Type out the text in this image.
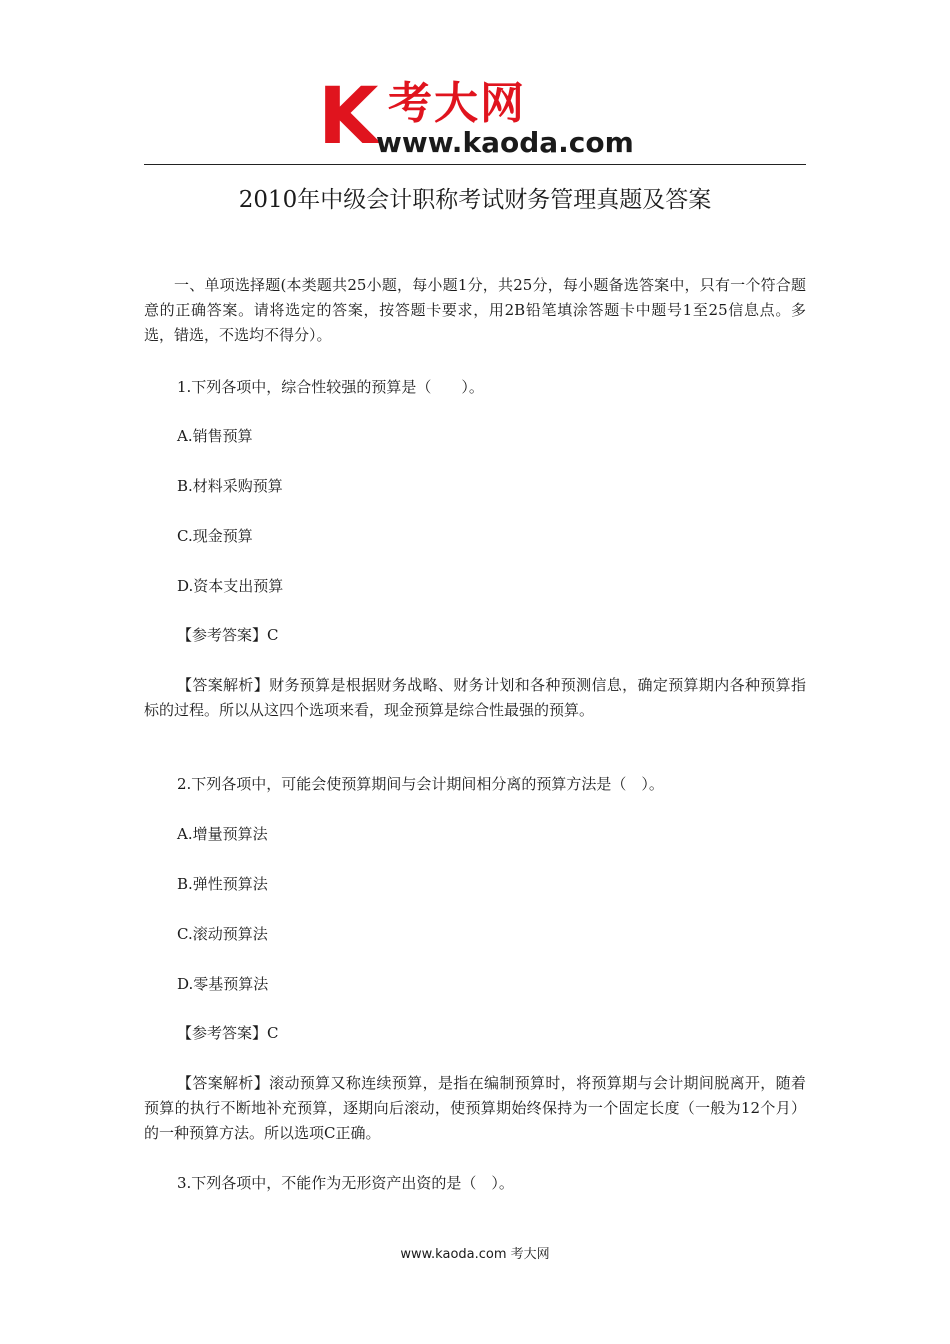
K 考大网
www.kaoda.com
2010年中级会计职称考试财务管理真题及答案
一、单项选择题(本类题共25小题，每小题1分，共25分，每小题备选答案中，只有一个符合题意的正确答案。请将选定的答案，按答题卡要求，用2B铅笔填涂答题卡中题号1至25信息点。多选，错选，不选均不得分）。
1.下列各项中，综合性较强的预算是（　　）。
A.销售预算
B.材料采购预算
C.现金预算
D.资本支出预算
【参考答案】C
【答案解析】财务预算是根据财务战略、财务计划和各种预测信息，确定预算期内各种预算指标的过程。所以从这四个选项来看，现金预算是综合性最强的预算。
2.下列各项中，可能会使预算期间与会计期间相分离的预算方法是（　）。
A.增量预算法
B.弹性预算法
C.滚动预算法
D.零基预算法
【参考答案】C
【答案解析】滚动预算又称连续预算，是指在编制预算时，将预算期与会计期间脱离开，随着预算的执行不断地补充预算，逐期向后滚动，使预算期始终保持为一个固定长度（一般为12个月）的一种预算方法。所以选项C正确。
3.下列各项中，不能作为无形资产出资的是（　）。
www.kaoda.com 考大网
